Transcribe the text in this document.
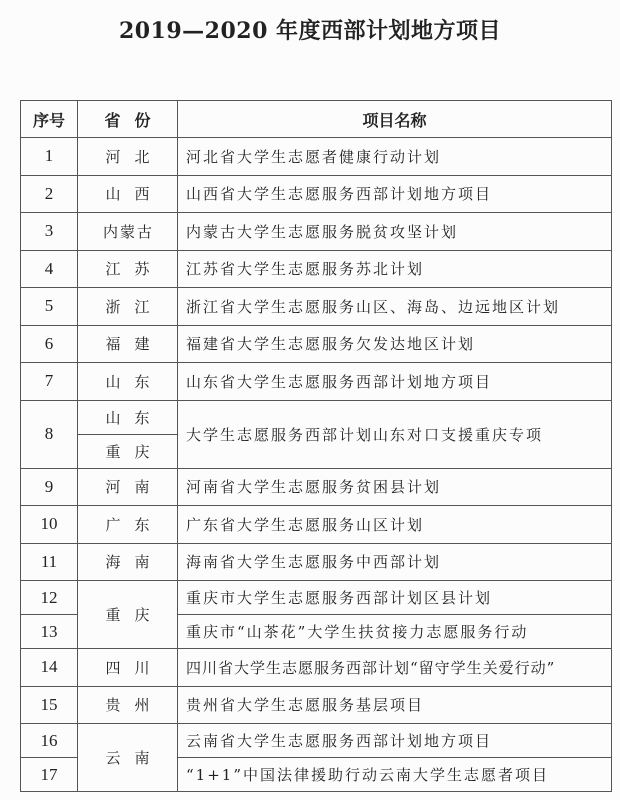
2019—2020 年度西部计划地方项目
序号	省份	项目名称
1	河北	河北省大学生志愿者健康行动计划
2	山西	山西省大学生志愿服务西部计划地方项目
3	内蒙古	内蒙古大学生志愿服务脱贫攻坚计划
4	江苏	江苏省大学生志愿服务苏北计划
5	浙江	浙江省大学生志愿服务山区、海岛、边远地区计划
6	福建	福建省大学生志愿服务欠发达地区计划
7	山东	山东省大学生志愿服务西部计划地方项目
8	山东	大学生志愿服务西部计划山东对口支援重庆专项
	重庆	
9	河南	河南省大学生志愿服务贫困县计划
10	广东	广东省大学生志愿服务山区计划
11	海南	海南省大学生志愿服务中西部计划
12	重庆	重庆市大学生志愿服务西部计划区县计划
13		重庆市“山茶花”大学生扶贫接力志愿服务行动
14	四川	四川省大学生志愿服务西部计划“留守学生关爱行动”
15	贵州	贵州省大学生志愿服务基层项目
16	云南	云南省大学生志愿服务西部计划地方项目
17		“1+1”中国法律援助行动云南大学生志愿者项目
